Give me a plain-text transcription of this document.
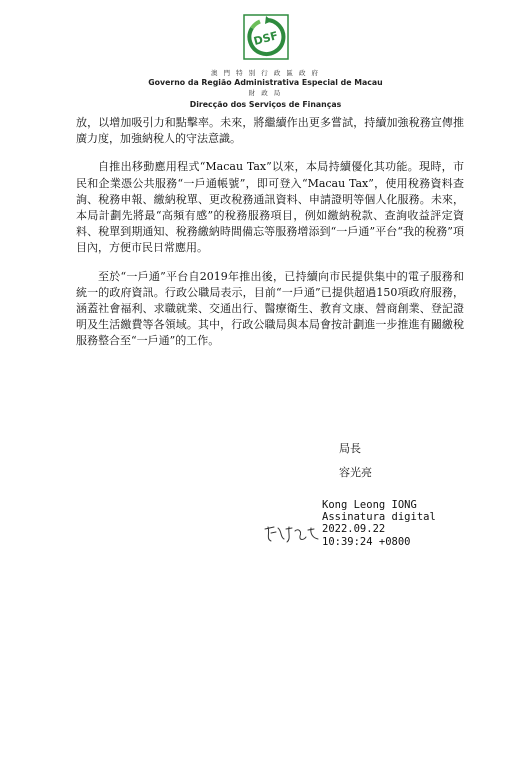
DSF
澳 門 特 別 行 政 區 政 府
Governo da Região Administrativa Especial de Macau
財 政 局
Direcção dos Serviços de Finanças

放，以增加吸引力和點擊率。未來，將繼續作出更多嘗試，持續加強稅務宣傳推廣力度，加強納稅人的守法意識。

自推出移動應用程式“Macau Tax”以來，本局持續優化其功能。現時，市民和企業憑公共服務“一戶通帳號”，即可登入“Macau Tax”，使用稅務資料查詢、稅務申報、繳納稅單、更改稅務通訊資料、申請證明等個人化服務。未來，本局計劃先將最“高頻有感”的稅務服務項目，例如繳納稅款、查詢收益評定資料、稅單到期通知、稅務繳納時間備忘等服務增添到“一戶通”平台“我的稅務”項目內，方便市民日常應用。

至於“一戶通”平台自2019年推出後，已持續向市民提供集中的電子服務和統一的政府資訊。行政公職局表示，目前“一戶通”已提供超過150項政府服務，涵蓋社會福利、求職就業、交通出行、醫療衛生、教育文康、營商創業、登記證明及生活繳費等各領域。其中，行政公職局與本局會按計劃進一步推進有關繳稅服務整合至“一戶通”的工作。

局長
容光亮
Kong Leong IONG
Assinatura digital
2022.09.22
10:39:24 +0800
